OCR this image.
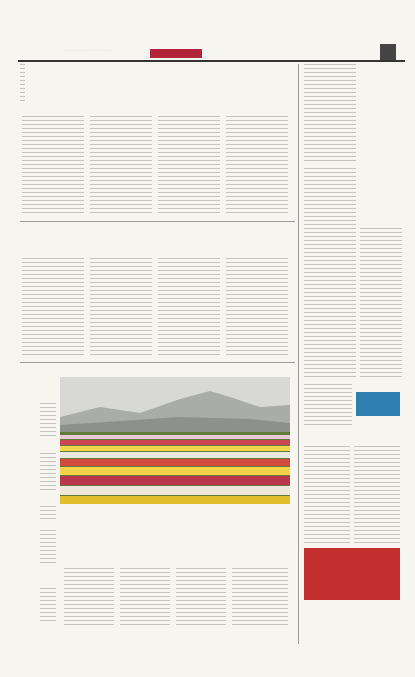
. . . . . . . . . . . . . . . . . . . . . . . . . .
